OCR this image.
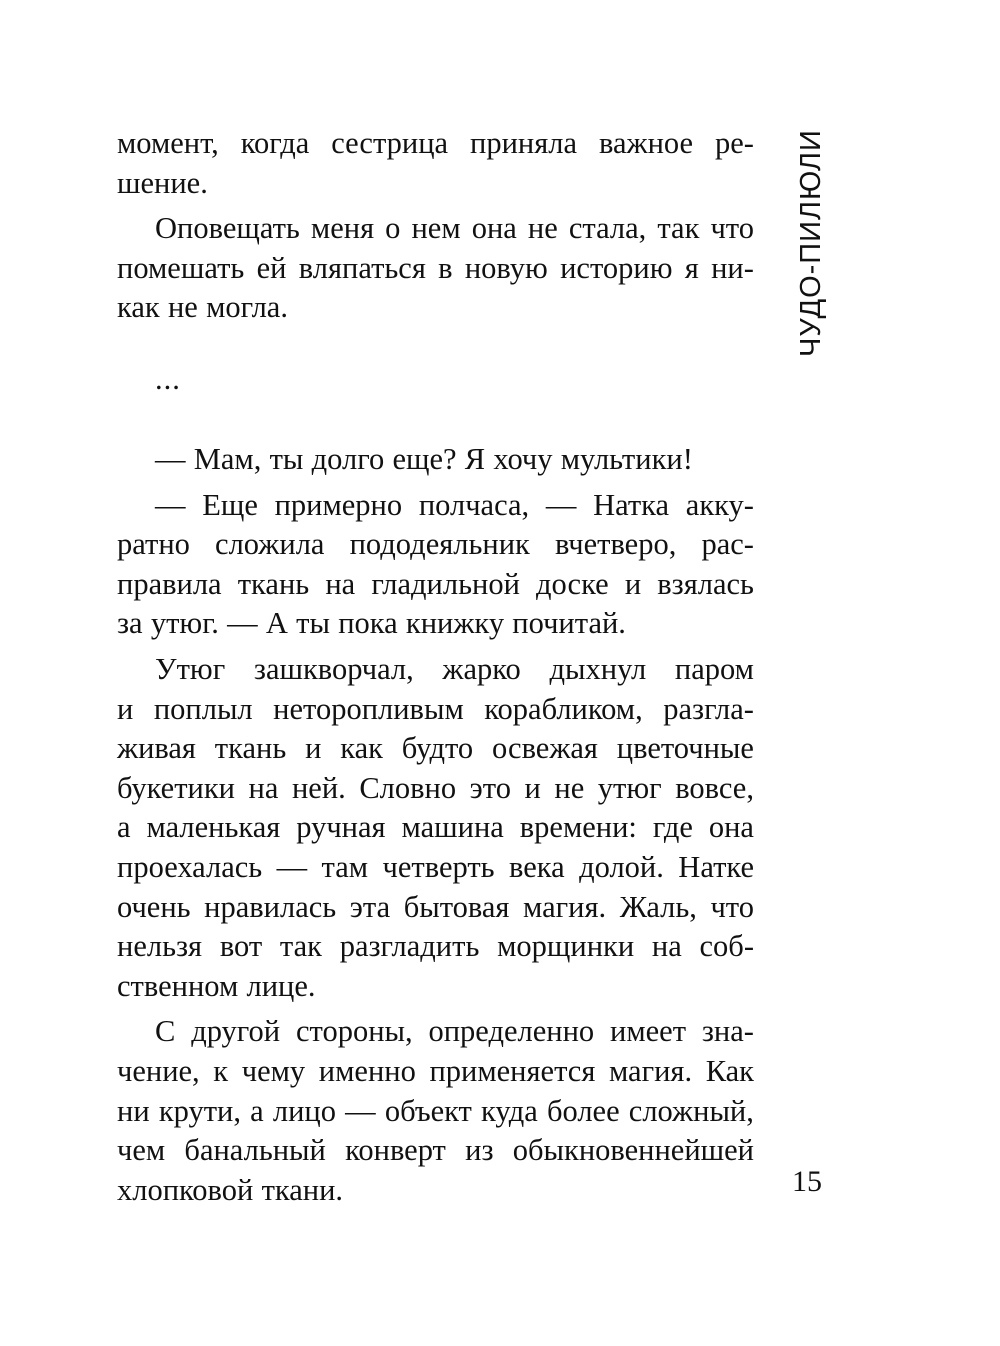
момент, когда сестрица приняла важное ре-
шение.
Оповещать меня о нем она не стала, так что
помешать ей вляпаться в новую историю я ни-
как не могла.
...
— Мам, ты долго еще? Я хочу мультики!
— Еще примерно полчаса, — Натка акку-
ратно сложила пододеяльник вчетверо, рас-
правила ткань на гладильной доске и взялась
за утюг. — А ты пока книжку почитай.
Утюг зашкворчал, жарко дыхнул паром
и поплыл неторопливым корабликом, разгла-
живая ткань и как будто освежая цветочные
букетики на ней. Словно это и не утюг вовсе,
а маленькая ручная машина времени: где она
проехалась — там четверть века долой. Натке
очень нравилась эта бытовая магия. Жаль, что
нельзя вот так разгладить морщинки на соб-
ственном лице.
С другой стороны, определенно имеет зна-
чение, к чему именно применяется магия. Как
ни крути, а лицо — объект куда более сложный,
чем банальный конверт из обыкновеннейшей
хлопковой ткани.
ЧУДО-ПИЛЮЛИ
15
